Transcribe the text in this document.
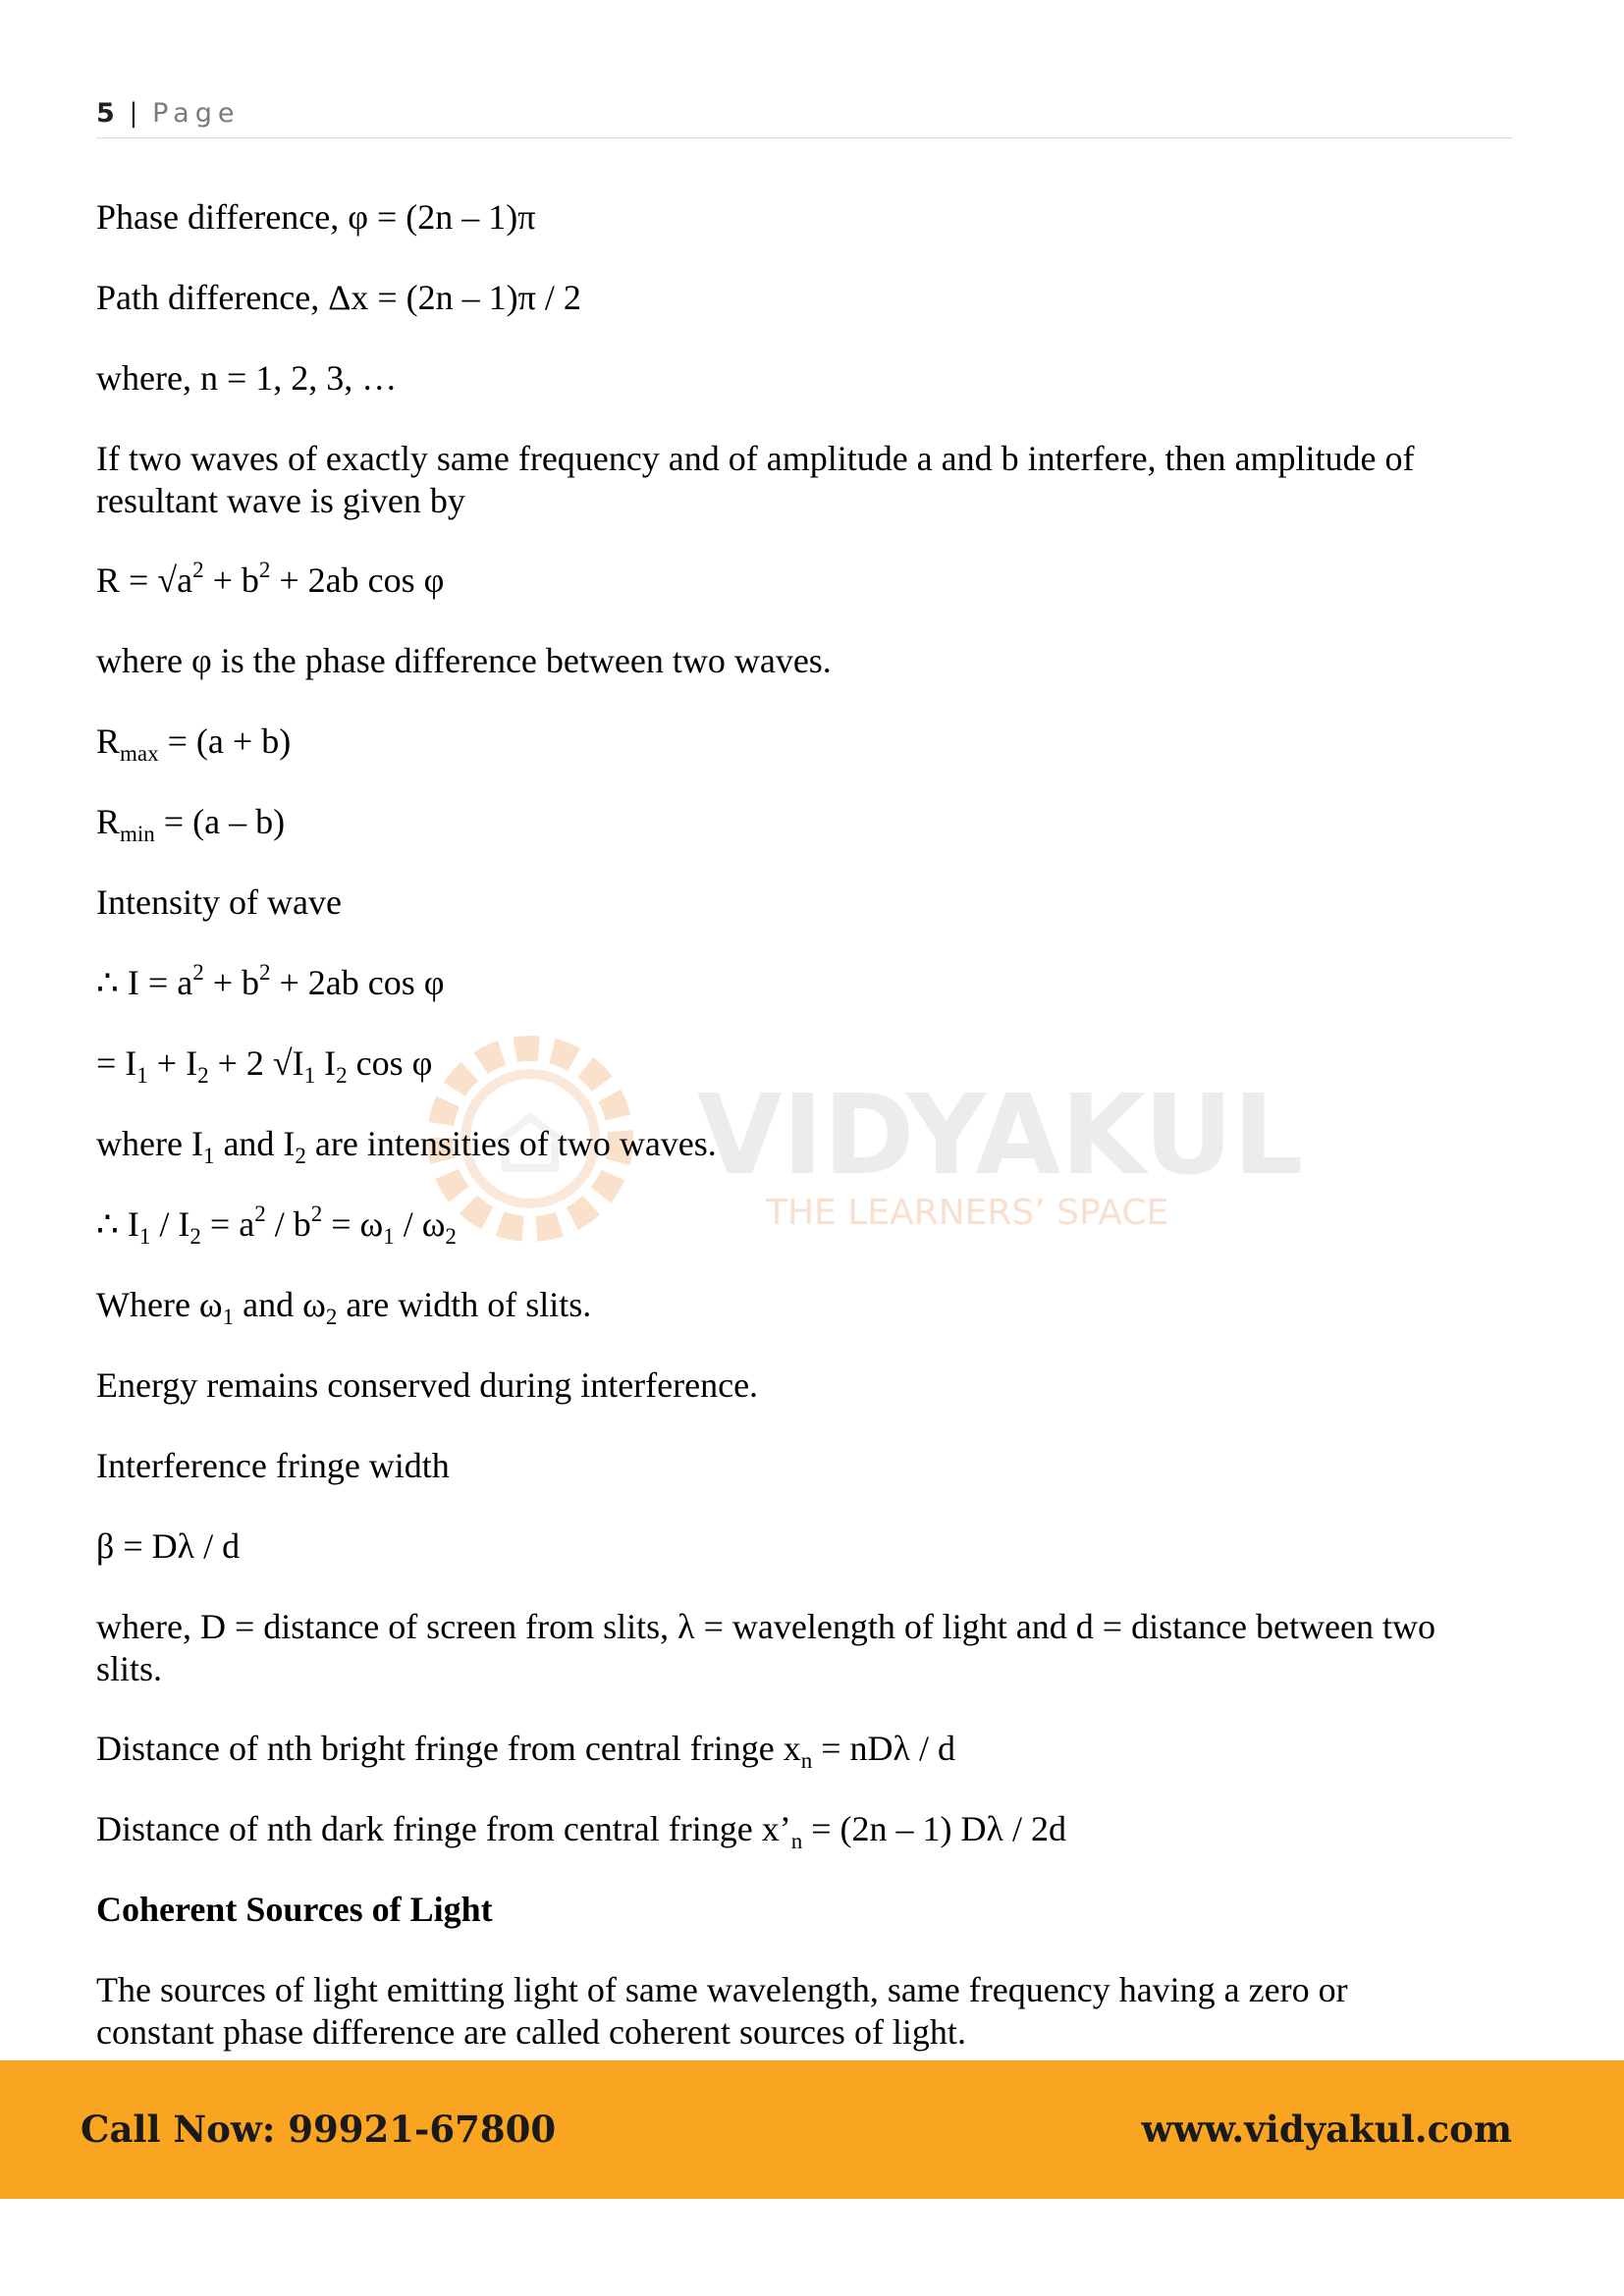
5 | Page
VIDYAKUL
THE LEARNERS’ SPACE
Phase difference, φ = (2n – 1)π
Path difference, Δx = (2n – 1)π / 2
where, n = 1, 2, 3, …
If two waves of exactly same frequency and of amplitude a and b interfere, then amplitude of
resultant wave is given by
$R = √a^2 + b^2 + 2ab$ cos φ
where φ is the phase difference between two waves.
$R_{max} = (a + b)$
$R_{min} = (a - b)$
Intensity of wave
∴ $I = a^2 + b^2 + 2ab$ cos φ
= $I_1 + I_2 + 2$ $√I_1$ $I_2$ cos φ
where $I_1$ and $I_2$ are intensities of two waves.
∴ $I_1 / I_2 = a^2 / b^2 = \omega_1 / \omega_2$
Where $\omega_1$ and $\omega_2$ are width of slits.
Energy remains conserved during interference.
Interference fringe width
β = Dλ / d
where, D = distance of screen from slits, λ = wavelength of light and d = distance between two
slits.
Distance of nth bright fringe from central fringe $x_n = nD\lambda / d$
Distance of nth dark fringe from central fringe $x’_n = (2n - 1)$ Dλ / 2d
Coherent Sources of Light
The sources of light emitting light of same wavelength, same frequency having a zero or
constant phase difference are called coherent sources of light.
Call Now: 99921-67800	www.vidyakul.com
